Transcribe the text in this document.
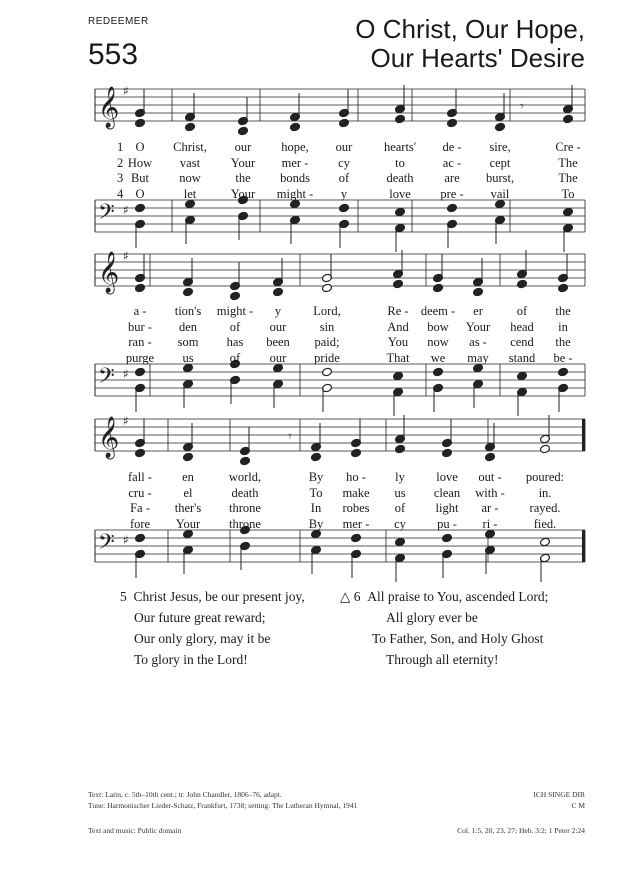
REDEEMER
553
O Christ, Our Hope,
Our Hearts' Desire
𝄞 ♯
𝄢 ♯
𝄞 ♯
𝄢 ♯
𝄞 ♯
𝄢 ♯
𝄾
𝄾
1
2
3
4
O
How
But
O
Christ,
vast
now
let
our
Your
the
Your
hope,
mer -
bonds
might -
our
cy
of
y
hearts'
to
death
love
de -
ac -
are
pre -
sire,
cept
burst,
vail
Cre -
The
The
To
a -
bur -
ran -
purge
tion's
den
som
us
might -
of
has
of
y
our
been
our
Lord,
sin
paid;
pride
Re -
And
You
That
deem -
bow
now
we
er
Your
as -
may
of
head
cend
stand
the
in
the
be -
fall -
cru -
Fa -
fore
en
el
ther's
Your
world,
death
throne
throne
By
To
In
By
ho -
make
robes
mer -
ly
us
of
cy
love
clean
light
pu -
out -
with -
ar -
ri -
poured:
in.
rayed.
fied.
5 Christ Jesus, be our present joy,
Our future great reward;
Our only glory, may it be
To glory in the Lord!
△ 6 All praise to You, ascended Lord;
All glory ever be
To Father, Son, and Holy Ghost
Through all eternity!
Text: Latin, c. 5th–10th cent.; tr. John Chandler, 1806–76, adapt.
Tune: Harmonischer Lieder-Schatz, Frankfurt, 1738; setting: The Lutheran Hymnal, 1941
ICH SINGE DIR
C M
Text and music: Public domain	Col. 1:5, 20, 23, 27; Heb. 3:2; 1 Peter 2:24
